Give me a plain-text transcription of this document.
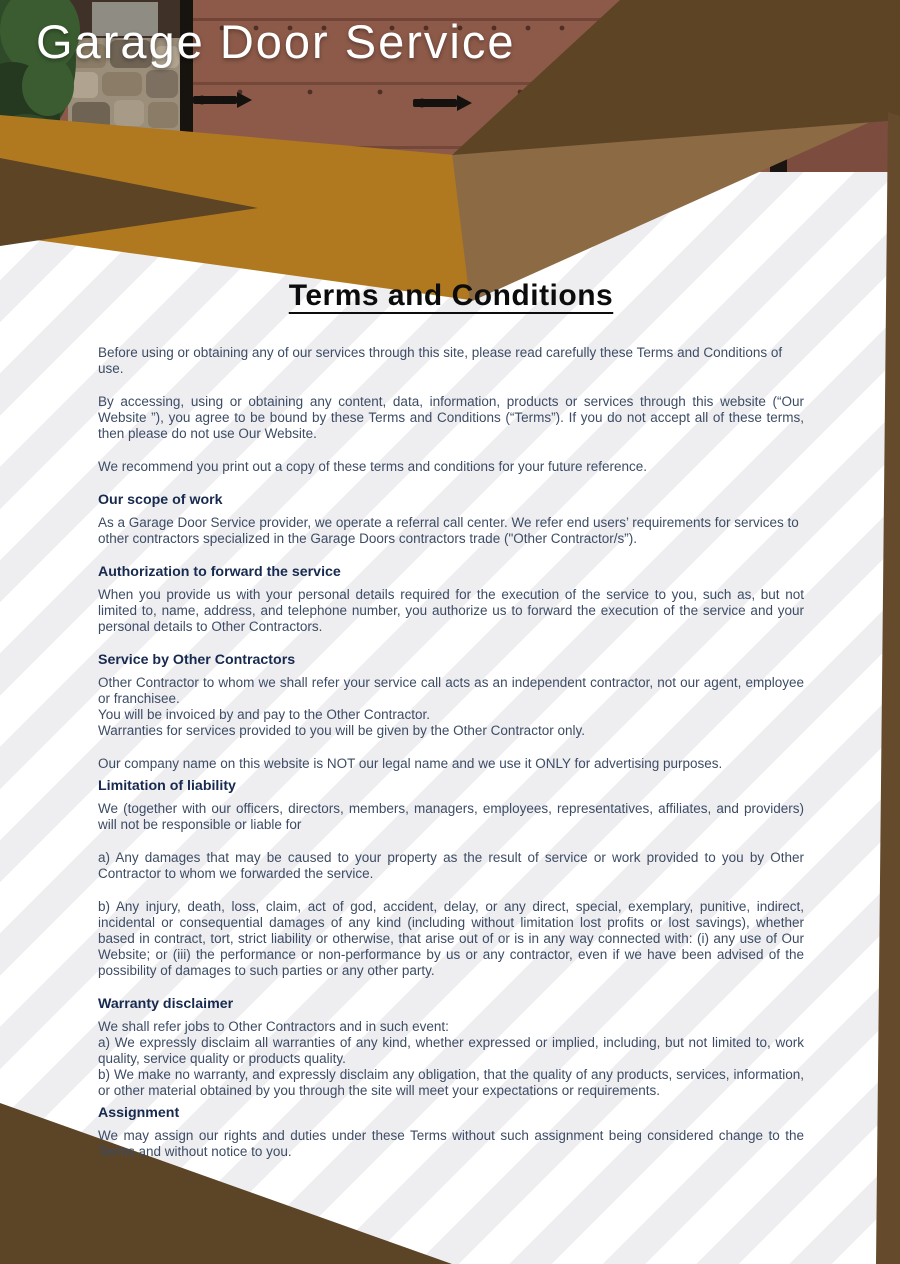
Garage Door Service
Terms and Conditions

Before using or obtaining any of our services through this site, please read carefully these Terms and Conditions of use.

By accessing, using or obtaining any content, data, information, products or services through this website (“Our Website ”), you agree to be bound by these Terms and Conditions (“Terms”). If you do not accept all of these terms, then please do not use Our Website.

We recommend you print out a copy of these terms and conditions for your future reference.

Our scope of work

As a Garage Door Service provider, we operate a referral call center. We refer end users’ requirements for services to other contractors specialized in the Garage Doors contractors trade ("Other Contractor/s”).

Authorization to forward the service

When you provide us with your personal details required for the execution of the service to you, such as, but not limited to, name, address, and telephone number, you authorize us to forward the execution of the service and your personal details to Other Contractors.

Service by Other Contractors

Other Contractor to whom we shall refer your service call acts as an independent contractor, not our agent, employee or franchisee.

You will be invoiced by and pay to the Other Contractor.

Warranties for services provided to you will be given by the Other Contractor only.

Our company name on this website is NOT our legal name and we use it ONLY for advertising purposes.

Limitation of liability

We (together with our officers, directors, members, managers, employees, representatives, affiliates, and providers) will not be responsible or liable for

a) Any damages that may be caused to your property as the result of service or work provided to you by Other Contractor to whom we forwarded the service.

b) Any injury, death, loss, claim, act of god, accident, delay, or any direct, special, exemplary, punitive, indirect, incidental or consequential damages of any kind (including without limitation lost profits or lost savings), whether based in contract, tort, strict liability or otherwise, that arise out of or is in any way connected with: (i) any use of Our Website; or (iii) the performance or non-performance by us or any contractor, even if we have been advised of the possibility of damages to such parties or any other party.

Warranty disclaimer

We shall refer jobs to Other Contractors and in such event:

a) We expressly disclaim all warranties of any kind, whether expressed or implied, including, but not limited to, work quality, service quality or products quality.

b) We make no warranty, and expressly disclaim any obligation, that the quality of any products, services, information, or other material obtained by you through the site will meet your expectations or requirements.

Assignment

We may assign our rights and duties under these Terms without such assignment being considered change to the Terms and without notice to you.
